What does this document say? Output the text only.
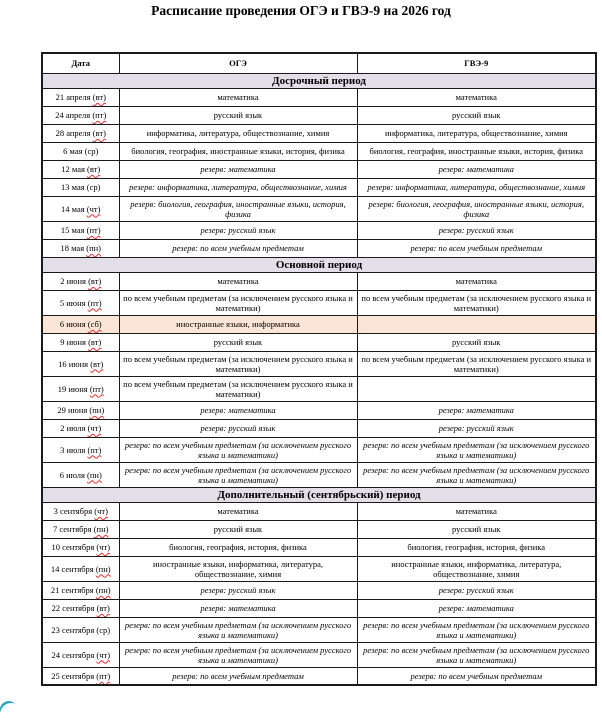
Расписание проведения ОГЭ и ГВЭ-9 на 2026 год
Дата	ОГЭ	ГВЭ-9
Досрочный период		
21 апреля (вт)	математика	математика
24 апреля (пт)	русский язык	русский язык
28 апреля (вт)	информатика, литература, обществознание, химия	информатика, литература, обществознание, химия
6 мая (ср)	биология, география, иностранные языки, история, физика	биология, география, иностранные языки, история, физика
12 мая (вт)	резерв: математика	резерв: математика
13 мая (ср)	резерв: информатика, литература, обществознание, химия	резерв: информатика, литература, обществознание, химия
14 мая (чт)	резерв: биология, география, иностранные языки, история, физика	резерв: биология, география, иностранные языки, история, физика
15 мая (пт)	резерв: русский язык	резерв: русский язык
18 мая (пн)	резерв: по всем учебным предметам	резерв: по всем учебным предметам
Основной период		
2 июня (вт)	математика	математика
5 июня (пт)	по всем учебным предметам (за исключением русского языка и математики)	по всем учебным предметам (за исключением русского языка и математики)
6 июня (сб)	иностранные языки, информатика	
9 июня (вт)	русский язык	русский язык
16 июня (вт)	по всем учебным предметам (за исключением русского языка и математики)	по всем учебным предметам (за исключением русского языка и математики)
19 июня (пт)	по всем учебным предметам (за исключением русского языка и математики)	
29 июня (пн)	резерв: математика	резерв: математика
2 июля (чт)	резерв: русский язык	резерв: русский язык
3 июля (пт)	резерв: по всем учебным предметам (за исключением русского языка и математики)	резерв: по всем учебным предметам (за исключением русского языка и математики)
6 июля (пн)	резерв: по всем учебным предметам (за исключением русского языка и математики)	резерв: по всем учебным предметам (за исключением русского языка и математики)
Дополнительный (сентябрьский) период		
3 сентября (чт)	математика	математика
7 сентября (пн)	русский язык	русский язык
10 сентября (чт)	биология, география, история, физика	биология, география, история, физика
14 сентября (пн)	иностранные языки, информатика, литература, обществознание, химия	иностранные языки, информатика, литература, обществознание, химия
21 сентября (пн)	резерв: русский язык	резерв: русский язык
22 сентября (вт)	резерв: математика	резерв: математика
23 сентября (ср)	резерв: по всем учебным предметам (за исключением русского языка и математики)	резерв: по всем учебным предметам (за исключением русского языка и математики)
24 сентября (чт)	резерв: по всем учебным предметам (за исключением русского языка и математики)	резерв: по всем учебным предметам (за исключением русского языка и математики)
25 сентября (пт)	резерв: по всем учебным предметам	резерв: по всем учебным предметам
